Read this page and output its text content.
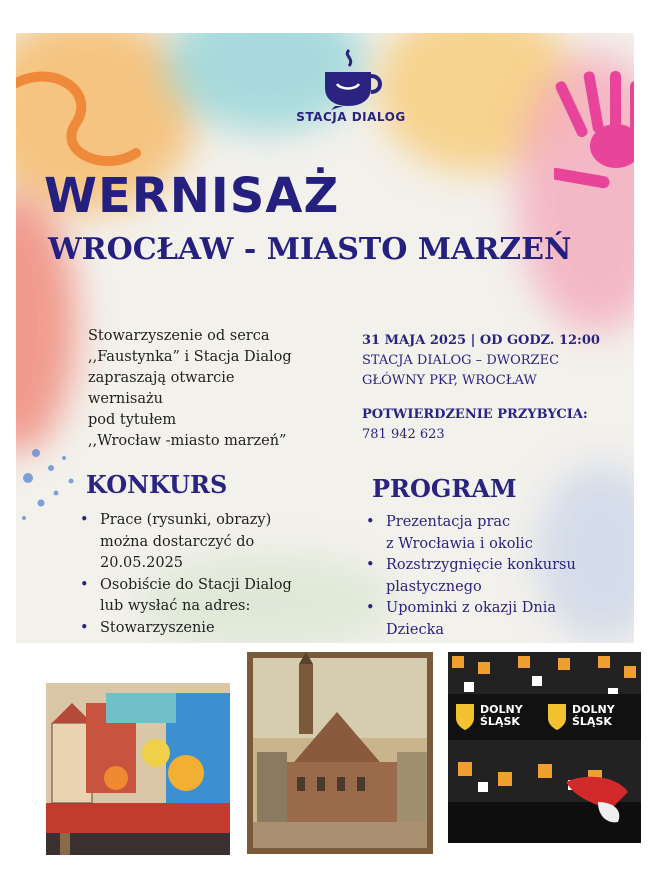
STACJA DIALOG
WERNISAŻ
WROCŁAW - MIASTO MARZEŃ
Stowarzyszenie od serca
,,Faustynka” i Stacja Dialog
zapraszają otwarcie
wernisażu
pod tytułem
,,Wrocław -miasto marzeń”
31 MAJA 2025 | OD GODZ. 12:00
STACJA DIALOG – DWORZEC
GŁÓWNY PKP, WROCŁAW
POTWIERDZENIE PRZYBYCIA:
781 942 623
KONKURS
• Prace (rysunki, obrazy)
można dostarczyć do
20.05.2025
• Osobiście do Stacji Dialog
lub wysłać na adres:
• Stowarzyszenie
PROGRAM
• Prezentacja prac
z Wrocławia i okolic
• Rozstrzygnięcie konkursu
plastycznego
• Upominki z okazji Dnia
Dziecka
DOLNY
ŚLĄSK
DOLNY
ŚLĄSK
